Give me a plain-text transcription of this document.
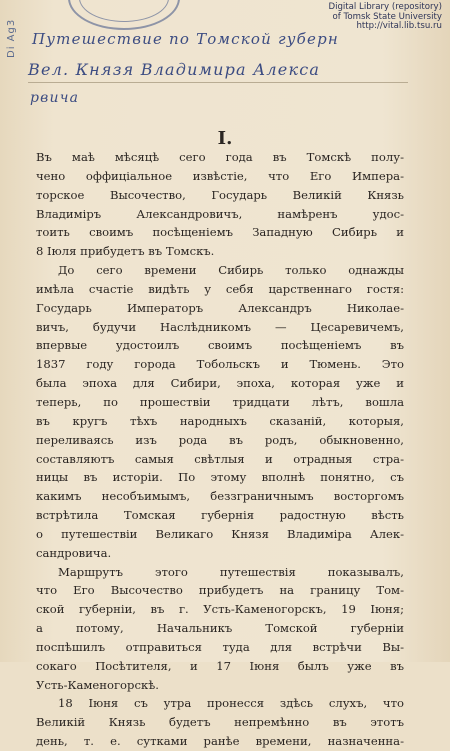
Di Ag3
Digital Library (repository)
of Tomsk State University
http://vital.lib.tsu.ru
Путешествие по Томской губерн
Вел. Князя Владимира Алекса
рвича
I.
Въ маѣ мѣсяцѣ сего года въ Томскѣ полу-
чено оффиціальное извѣстіе, что Его Импера-
торское Высочество, Государь Великій Князь
Владиміръ Александровичъ, намѣренъ удос-
тоить своимъ посѣщеніемъ Западную Сибирь и
8 Іюля прибудетъ въ Томскъ.
До сего времени Сибирь только однажды
имѣла счастіе видѣть у себя царственнаго гостя:
Государь Императоръ Александръ Николае-
вичъ, будучи Наслѣдникомъ — Цесаревичемъ,
впервые удостоилъ своимъ посѣщеніемъ въ
1837 году города Тобольскъ и Тюмень. Это
была эпоха для Сибири, эпоха, которая уже и
теперь, по прошествіи тридцати лѣтъ, вошла
въ кругъ тѣхъ народныхъ сказаній, которыя,
переливаясь изъ рода въ родъ, обыкновенно,
составляютъ самыя свѣтлыя и отрадныя стра-
ницы въ исторіи. По этому вполнѣ понятно, съ
какимъ несобъимымъ, беззграничнымъ восторгомъ
встрѣтила Томская губернія радостную вѣсть
о путешествіи Великаго Князя Владиміра Алек-
сандровича.
Маршрутъ этого путешествія показывалъ,
что Его Высочество прибудетъ на границу Том-
ской губерніи, въ г. Усть-Каменогорскъ, 19 Іюня;
а потому, Начальникъ Томской губерніи
поспѣшилъ отправиться туда для встрѣчи Вы-
сокаго Посѣтителя, и 17 Іюня былъ уже въ
Усть-Каменогорскѣ.
18 Іюня съ утра пронесся здѣсь слухъ, что
Великій Князь будетъ непремѣнно въ этотъ
день, т. е. сутками ранѣе времени, назначенна-
